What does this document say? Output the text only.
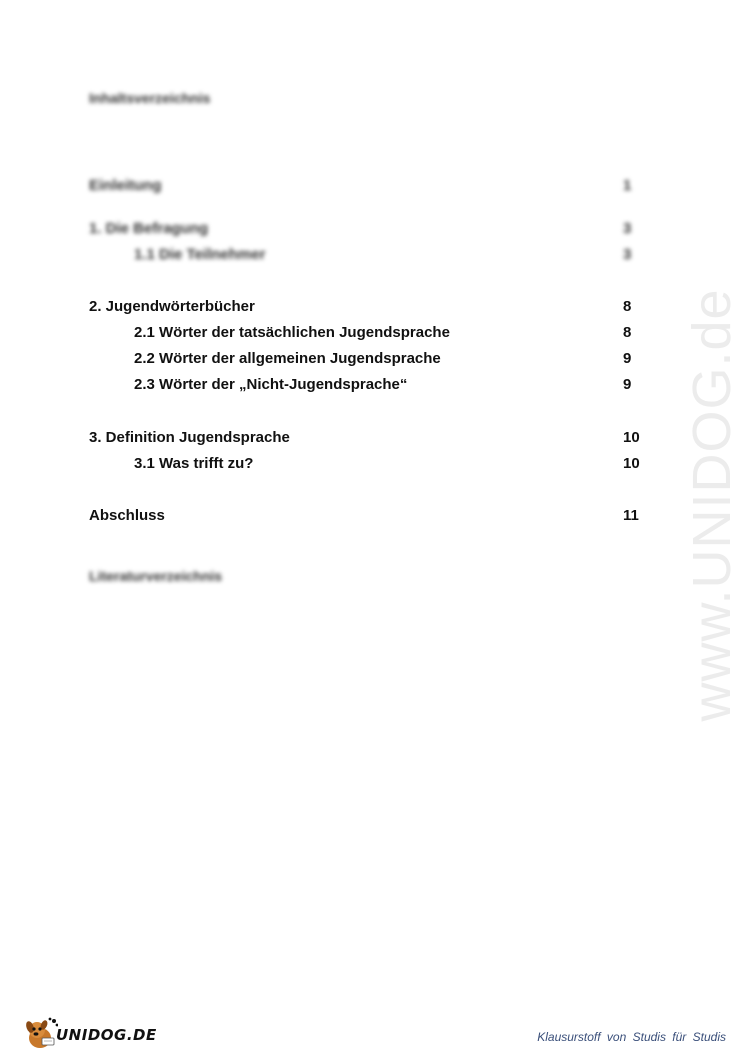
Inhaltsverzeichnis
Einleitung	1
1. Die Befragung	3
1.1 Die Teilnehmer	3
2. Jugendwörterbücher	8
2.1 Wörter der tatsächlichen Jugendsprache	8
2.2 Wörter der allgemeinen Jugendsprache	9
2.3 Wörter der „Nicht-Jugendsprache“	9
3. Definition Jugendsprache	10
3.1 Was trifft zu?	10
Abschluss	11
Literaturverzeichnis	www.UNIDOG.de
UNIDOG.DE	Klausurstoff von Studis für Studis
